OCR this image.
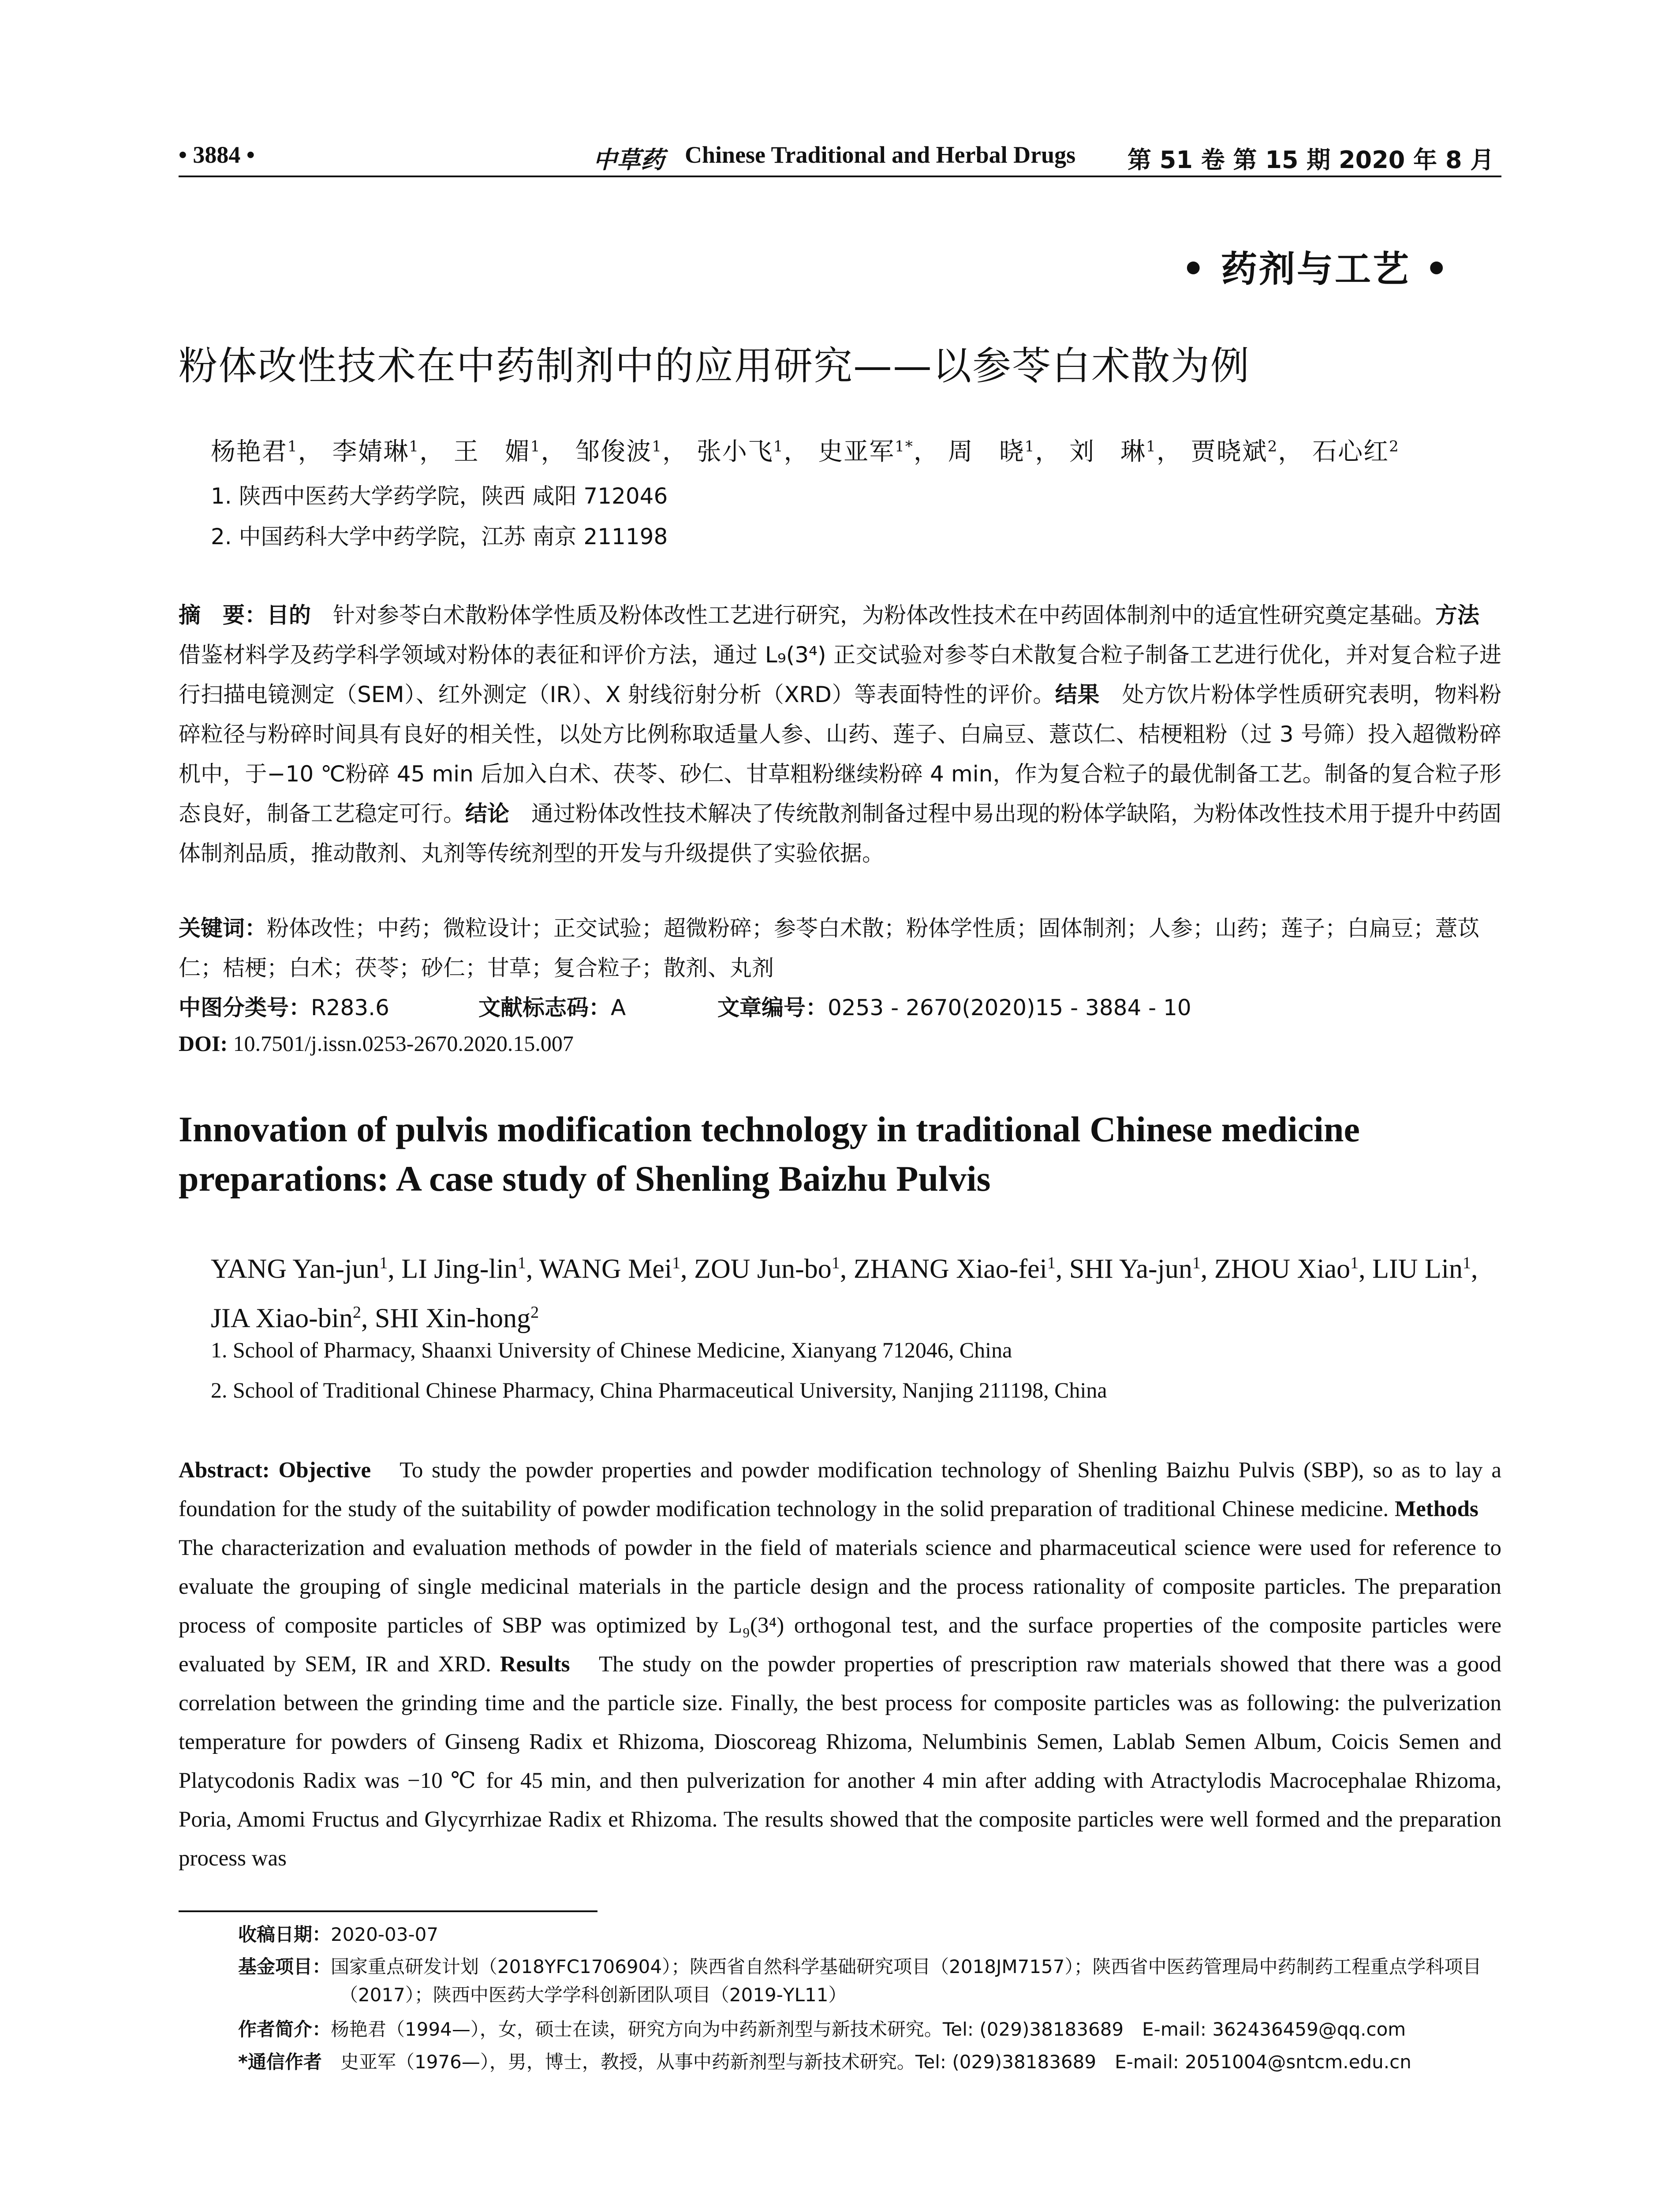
• 3884 •	中草药 Chinese Traditional and Herbal Drugs 第 51 卷 第 15 期 2020 年 8 月
• 药剂与工艺 •
粉体改性技术在中药制剂中的应用研究——以参苓白术散为例
杨艳君$^1$， 李婧琳$^1$， 王　媚$^1$， 邹俊波$^1$， 张小飞$^1$， 史亚军$^{1*}$， 周　晓$^1$， 刘　琳$^1$， 贾晓斌$^2$， 石心红$^2$
1. 陕西中医药大学药学院，陕西 咸阳 712046
2. 中国药科大学中药学院，江苏 南京 211198
摘　要：目的　针对参苓白术散粉体学性质及粉体改性工艺进行研究，为粉体改性技术在中药固体制剂中的适宜性研究奠定基础。方法　借鉴材料学及药学科学领域对粉体的表征和评价方法，通过 L₉(3⁴) 正交试验对参苓白术散复合粒子制备工艺进行优化，并对复合粒子进行扫描电镜测定（SEM）、红外测定（IR）、X 射线衍射分析（XRD）等表面特性的评价。结果　处方饮片粉体学性质研究表明，物料粉碎粒径与粉碎时间具有良好的相关性，以处方比例称取适量人参、山药、莲子、白扁豆、薏苡仁、桔梗粗粉（过 3 号筛）投入超微粉碎机中，于−10 ℃粉碎 45 min 后加入白术、茯苓、砂仁、甘草粗粉继续粉碎 4 min，作为复合粒子的最优制备工艺。制备的复合粒子形态良好，制备工艺稳定可行。结论　通过粉体改性技术解决了传统散剂制备过程中易出现的粉体学缺陷，为粉体改性技术用于提升中药固体制剂品质，推动散剂、丸剂等传统剂型的开发与升级提供了实验依据。
关键词：粉体改性；中药；微粒设计；正交试验；超微粉碎；参苓白术散；粉体学性质；固体制剂；人参；山药；莲子；白扁豆；薏苡仁；桔梗；白术；茯苓；砂仁；甘草；复合粒子；散剂、丸剂
中图分类号：R283.6	文献标志码：A	文章编号：0253 - 2670(2020)15 - 3884 - 10
DOI: 10.7501/j.issn.0253-2670.2020.15.007
Innovation of pulvis modification technology in traditional Chinese medicine preparations: A case study of Shenling Baizhu Pulvis
YANG Yan-jun$^1$, LI Jing-lin$^1$, WANG Mei$^1$, ZOU Jun-$bo^1$, ZHANG Xiao-fei$^1$, SHI Ya-jun$^1$, ZHOU Xiao$^1$, LIU Lin$^1$, JIA Xiao-bin$^2$, SHI Xin-hong$^2$
1. School of Pharmacy, Shaanxi University of Chinese Medicine, Xianyang 712046, China
2. School of Traditional Chinese Pharmacy, China Pharmaceutical University, Nanjing 211198, China
Abstract: Objective　To study the powder properties and powder modification technology of Shenling Baizhu Pulvis (SBP), so as to lay a foundation for the study of the suitability of powder modification technology in the solid preparation of traditional Chinese medicine. Methods　The characterization and evaluation methods of powder in the field of materials science and pharmaceutical science were used for reference to evaluate the grouping of single medicinal materials in the particle design and the process rationality of composite particles. The preparation process of composite particles of SBP was optimized by L₉(3⁴) orthogonal test, and the surface properties of the composite particles were evaluated by SEM, IR and XRD. Results　The study on the powder properties of prescription raw materials showed that there was a good correlation between the grinding time and the particle size. Finally, the best process for composite particles was as following: the pulverization temperature for powders of Ginseng Radix et Rhizoma, Dioscoreag Rhizoma, Nelumbinis Semen, Lablab Semen Album, Coicis Semen and Platycodonis Radix was −10 ℃ for 45 min, and then pulverization for another 4 min after adding with Atractylodis Macrocephalae Rhizoma, Poria, Amomi Fructus and Glycyrrhizae Radix et Rhizoma. The results showed that the composite particles were well formed and the preparation process was
收稿日期：2020-03-07
基金项目：国家重点研发计划（2018YFC1706904）；陕西省自然科学基础研究项目（2018JM7157）；陕西省中医药管理局中药制药工程重点学科项目（2017）；陕西中医药大学学科创新团队项目（2019-YL11）
作者简介：杨艳君（1994—），女，硕士在读，研究方向为中药新剂型与新技术研究。Tel: (029)38183689　E-mail: 362436459@qq.com
*通信作者　史亚军（1976—），男，博士，教授，从事中药新剂型与新技术研究。Tel: (029)38183689　E-mail: 2051004@sntcm.edu.cn
